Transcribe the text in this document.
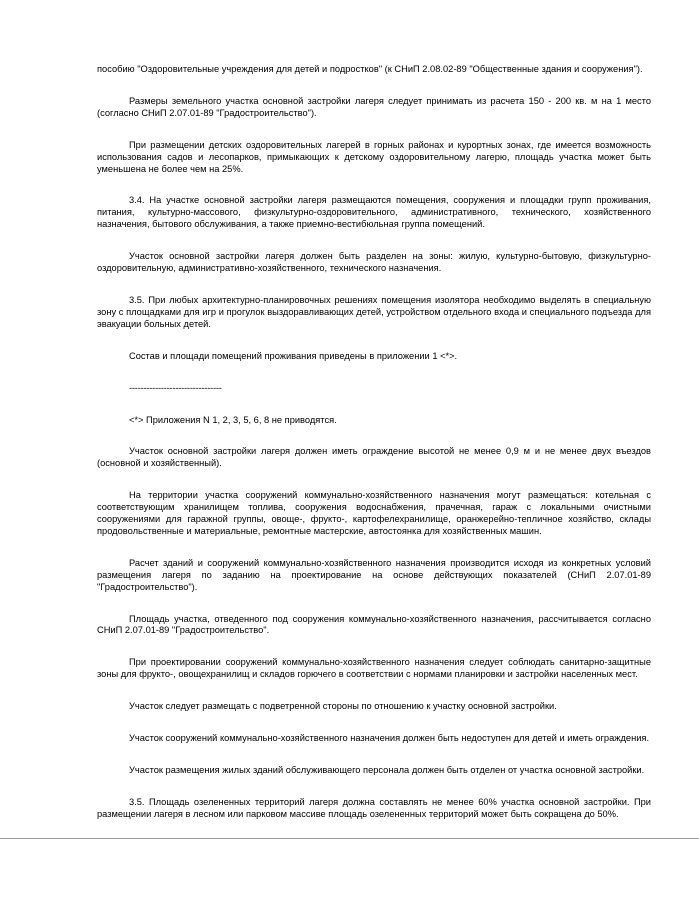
пособию "Оздоровительные учреждения для детей и подростков" (к СНиП 2.08.02-89 "Общественные здания и сооружения").

Размеры земельного участка основной застройки лагеря следует принимать из расчета 150 - 200 кв. м на 1 место (согласно СНиП 2.07.01-89 "Градостроительство").

При размещении детских оздоровительных лагерей в горных районах и курортных зонах, где имеется возможность использования садов и лесопарков, примыкающих к детскому оздоровительному лагерю, площадь участка может быть уменьшена не более чем на 25%.

3.4. На участке основной застройки лагеря размещаются помещения, сооружения и площадки групп проживания, питания, культурно-массового, физкультурно-оздоровительного, административного, технического, хозяйственного назначения, бытового обслуживания, а также приемно-вестибюльная группа помещений.

Участок основной застройки лагеря должен быть разделен на зоны: жилую, культурно-бытовую, физкультурно-оздоровительную, административно-хозяйственного, технического назначения.

3.5. При любых архитектурно-планировочных решениях помещения изолятора необходимо выделять в специальную зону с площадками для игр и прогулок выздоравливающих детей, устройством отдельного входа и специального подъезда для эвакуации больных детей.

Состав и площади помещений проживания приведены в приложении 1 <*>.

--------------------------------

<*> Приложения N 1, 2, 3, 5, 6, 8 не приводятся.

Участок основной застройки лагеря должен иметь ограждение высотой не менее 0,9 м и не менее двух въездов (основной и хозяйственный).

На территории участка сооружений коммунально-хозяйственного назначения могут размещаться: котельная с соответствующим хранилищем топлива, сооружения водоснабжения, прачечная, гараж с локальными очистными сооружениями для гаражной группы, овоще-, фрукто-, картофелехранилище, оранжерейно-тепличное хозяйство, склады продовольственные и материальные, ремонтные мастерские, автостоянка для хозяйственных машин.

Расчет зданий и сооружений коммунально-хозяйственного назначения производится исходя из конкретных условий размещения лагеря по заданию на проектирование на основе действующих показателей (СНиП 2.07.01-89 "Градостроительство").

Площадь участка, отведенного под сооружения коммунально-хозяйственного назначения, рассчитывается согласно СНиП 2.07.01-89 "Градостроительство".

При проектировании сооружений коммунально-хозяйственного назначения следует соблюдать санитарно-защитные зоны для фрукто-, овощехранилищ и складов горючего в соответствии с нормами планировки и застройки населенных мест.

Участок следует размещать с подветренной стороны по отношению к участку основной застройки.

Участок сооружений коммунально-хозяйственного назначения должен быть недоступен для детей и иметь ограждения.

Участок размещения жилых зданий обслуживающего персонала должен быть отделен от участка основной застройки.

3.5. Площадь озелененных территорий лагеря должна составлять не менее 60% участка основной застройки. При размещении лагеря в лесном или парковом массиве площадь озелененных территорий может быть сокращена до 50%.
